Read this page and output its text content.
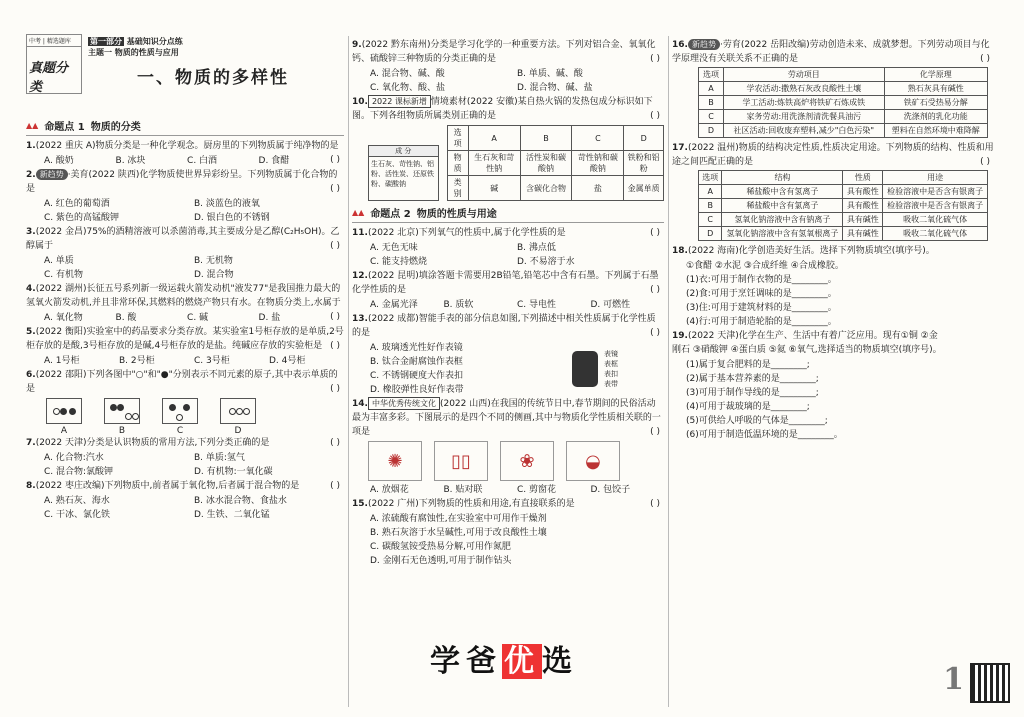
中考 | 精选题库
真题分类
第一部分 基础知识分点练
主题一 物质的性质与应用
一、物质的多样性
▲▲ 命题点 1 物质的分类
1.(2022 重庆 A)物质分类是一种化学观念。厨房里的下列物质属于纯净物的是
( )
A. 酸奶	B. 冰块	C. 白酒	D. 食醋
2. 新趋势 ·美育(2022 陕西)化学物质使世界异彩纷呈。下列物质属于化合物的是	( )
A. 红色的葡萄酒	B. 淡蓝色的液氧
C. 紫色的高锰酸钾	D. 银白色的不锈钢
3.(2022 金昌)75%的酒精溶液可以杀菌消毒,其主要成分是乙醇(C₂H₅OH)。乙醇属于	( )
A. 单质	B. 无机物
C. 有机物	D. 混合物
4.(2022 湖州)长征五号系列新一级运载火箭发动机"液发77"是我国推力最大的氢氧火箭发动机,并且非常环保,其燃料的燃烧产物只有水。在物质分类上,水属于
( )
A. 氧化物	B. 酸	C. 碱	D. 盐
5.(2022 衡阳)实验室中的药品要求分类存放。某实验室1号柜存放的是单质,2号柜存放的是酸,3号柜存放的是碱,4号柜存放的是盐。纯碱应存放的实验柜是 ( )
A. 1号柜	B. 2号柜	C. 3号柜	D. 4号柜
6.(2022 邵阳)下列各图中"○"和"●"分别表示不同元素的原子,其中表示单质的是	( )
A	B	C	D
7.(2022 天津)分类是认识物质的常用方法,下列分类正确的是	( )
A. 化合物:汽水	B. 单质:氢气
C. 混合物:氯酸钾	D. 有机物:一氧化碳
8.(2022 枣庄改编)下列物质中,前者属于氧化物,后者属于混合物的是	( )
A. 熟石灰、海水	B. 冰水混合物、食盐水
C. 干冰、氯化铁	D. 生铁、二氧化锰
9.(2022 黔东南州)分类是学习化学的一种重要方法。下列对铝合金、氧氧化钙、硫酸锌三种物质的分类正确的是	( )
A. 混合物、碱、酸	B. 单质、碱、酸
C. 氧化物、酸、盐	D. 混合物、碱、盐
10. 2022 课标新增 情境素材(2022 安徽)某自热火锅的发热包成分标识如下图。下列各组物质所属类别正确的是	( )
成 分
生石灰、苛性钠、铝粉、活性炭、还原铁粉、碳酸钠
选项	A	B	C	D
物质	生石灰和苛性钠	活性炭和碳酸钠	苛性钠和碳酸钠	铁粉和铝粉
类别	碱	含碳化合物	盐	金属单质
▲▲ 命题点 2 物质的性质与用途
11.(2022 北京)下列氧气的性质中,属于化学性质的是	( )
A. 无色无味	B. 沸点低
C. 能支持燃烧	D. 不易溶于水
12.(2022 昆明)填涂答题卡需要用2B铅笔,铅笔芯中含有石墨。下列属于石墨化学性质的是	( )
A. 金属光泽	B. 质软	C. 导电性	D. 可燃性
13.(2022 成都)智能手表的部分信息如图,下列描述中相关性质属于化学性质的是	( )
A. 玻璃透光性好作表镜
B. 钛合金耐腐蚀作表框
C. 不锈钢硬度大作表扣
D. 橡胶弹性良好作表带
表镜
表框
表扣
表带
14. 中华优秀传统文化 (2022 山西)在我国的传统节日中,春节期间的民俗活动最为丰富多彩。下图展示的是四个不同的侧画,其中与物质化学性质相关联的一项是	( )
✺	▯▯	❀	◒
A. 放烟花	B. 贴对联	C. 剪窗花	D. 包饺子
15.(2022 广州)下列物质的性质和用途,有直接联系的是	( )
A. 浓硫酸有腐蚀性,在实验室中可用作干燥剂
B. 熟石灰溶于水呈碱性,可用于改良酸性土壤
C. 碳酸氢铵受热易分解,可用作氮肥
D. 金刚石无色透明,可用于制作钻头
16. 新趋势 ·劳育(2022 岳阳改编)劳动创造未来、成就梦想。下列劳动项目与化学原理没有关联关系不正确的是	( )
选项	劳动项目	化学原理
A	学农活动:撒熟石灰改良酸性土壤	熟石灰具有碱性
B	学工活动:炼铁高炉将铁矿石炼成铁	铁矿石受热易分解
C	家务劳动:用洗涤剂清洗餐具油污	洗涤剂的乳化功能
D	社区活动:回收废弃塑料,减少"白色污染"	塑料在自然环境中难降解
17.(2022 温州)物质的结构决定性质,性质决定用途。下列物质的结构、性质和用途之间匹配正确的是	( )
选项	结构	性质	用途
A	稀盐酸中含有氢离子	具有酸性	检验溶液中是否含有银离子
B	稀盐酸中含有氯离子	具有酸性	检验溶液中是否含有银离子
C	氢氧化钠溶液中含有钠离子	具有碱性	吸收二氧化硫气体
D	氢氧化钠溶液中含有氢氧根离子	具有碱性	吸收二氧化硫气体
18.(2022 海南)化学创造美好生活。选择下列物质填空(填序号)。
①食醋 ②水泥 ③合成纤维 ④合成橡胶。
(1)衣:可用于制作衣物的是________。
(2)食:可用于烹饪调味的是________。
(3)住:可用于建筑材料的是________。
(4)行:可用于制造轮胎的是________。
19.(2022 天津)化学在生产、生活中有着广泛应用。现有①铜 ②金刚石 ③硝酸钾 ④蛋白质 ⑤氦 ⑥氧气,选择适当的物质填空(填序号)。
(1)属于复合肥料的是________;
(2)属于基本营养素的是________;
(3)可用于制作导线的是________;
(4)可用于裁玻璃的是________;
(5)可供给人呼吸的气体是________;
(6)可用于制造低温环境的是________。
1
学爸优选
